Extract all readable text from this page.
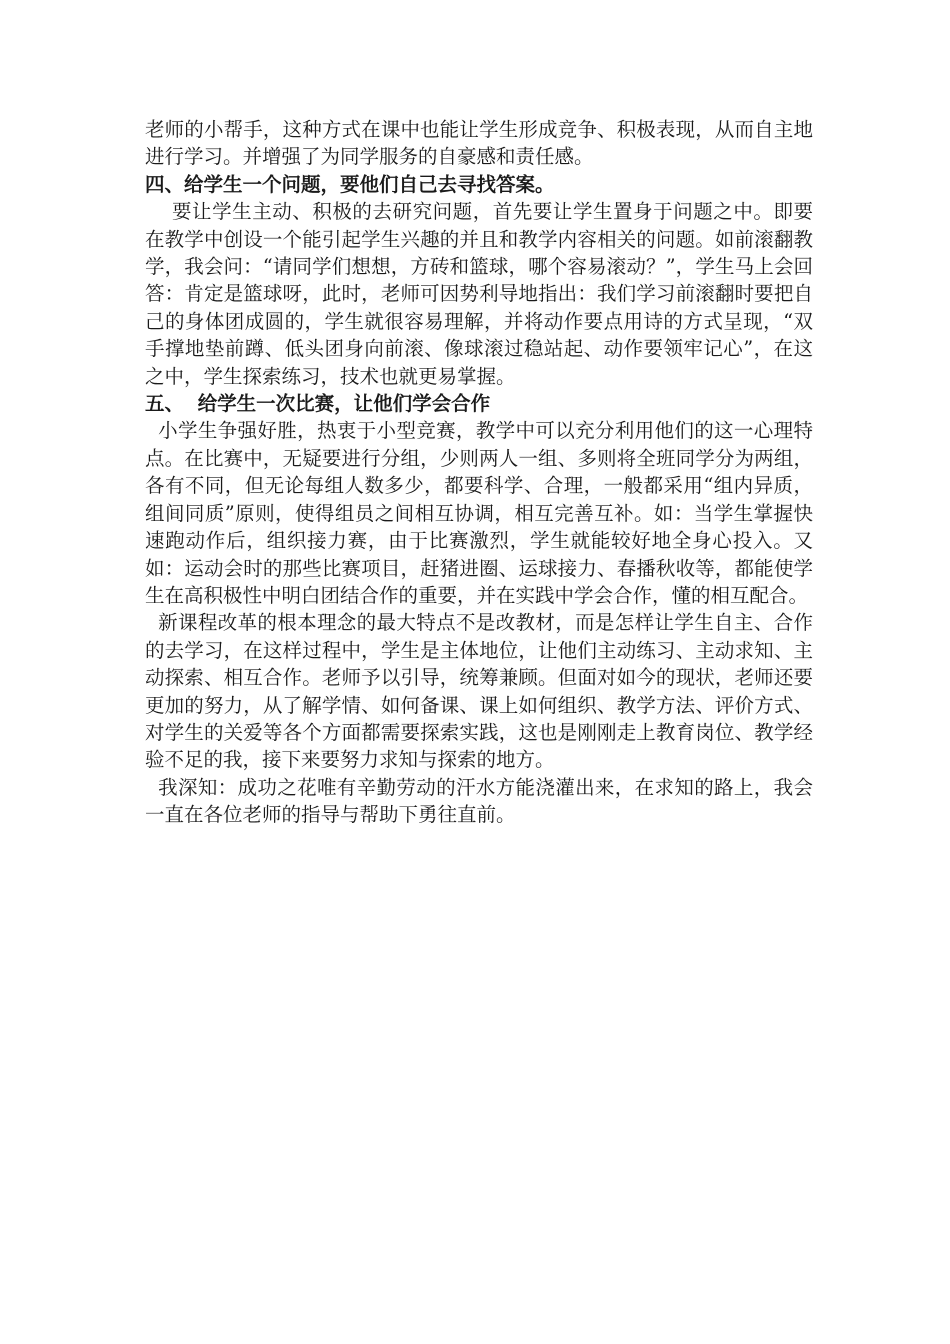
老师的小帮手，这种方式在课中也能让学生形成竞争、积极表现，从而自主地进行学习。并增强了为同学服务的自豪感和责任感。

四、给学生一个问题，要他们自己去寻找答案。

要让学生主动、积极的去研究问题，首先要让学生置身于问题之中。即要在教学中创设一个能引起学生兴趣的并且和教学内容相关的问题。如前滚翻教学，我会问：“请同学们想想，方砖和篮球，哪个容易滚动？”，学生马上会回答：肯定是篮球呀，此时，老师可因势利导地指出：我们学习前滚翻时要把自己的身体团成圆的，学生就很容易理解，并将动作要点用诗的方式呈现，“双手撑地垫前蹲、低头团身向前滚、像球滚过稳站起、动作要领牢记心”，在这之中，学生探索练习，技术也就更易掌握。

五、  给学生一次比赛，让他们学会合作

小学生争强好胜，热衷于小型竞赛，教学中可以充分利用他们的这一心理特点。在比赛中，无疑要进行分组，少则两人一组、多则将全班同学分为两组，各有不同，但无论每组人数多少，都要科学、合理，一般都采用“组内异质，组间同质”原则，使得组员之间相互协调，相互完善互补。如：当学生掌握快速跑动作后，组织接力赛，由于比赛激烈，学生就能较好地全身心投入。又如：运动会时的那些比赛项目，赶猪进圈、运球接力、春播秋收等，都能使学生在高积极性中明白团结合作的重要，并在实践中学会合作，懂的相互配合。

新课程改革的根本理念的最大特点不是改教材，而是怎样让学生自主、合作的去学习，在这样过程中，学生是主体地位，让他们主动练习、主动求知、主动探索、相互合作。老师予以引导，统筹兼顾。但面对如今的现状，老师还要更加的努力，从了解学情、如何备课、课上如何组织、教学方法、评价方式、对学生的关爱等各个方面都需要探索实践，这也是刚刚走上教育岗位、教学经验不足的我，接下来要努力求知与探索的地方。

我深知：成功之花唯有辛勤劳动的汗水方能浇灌出来，在求知的路上，我会一直在各位老师的指导与帮助下勇往直前。
